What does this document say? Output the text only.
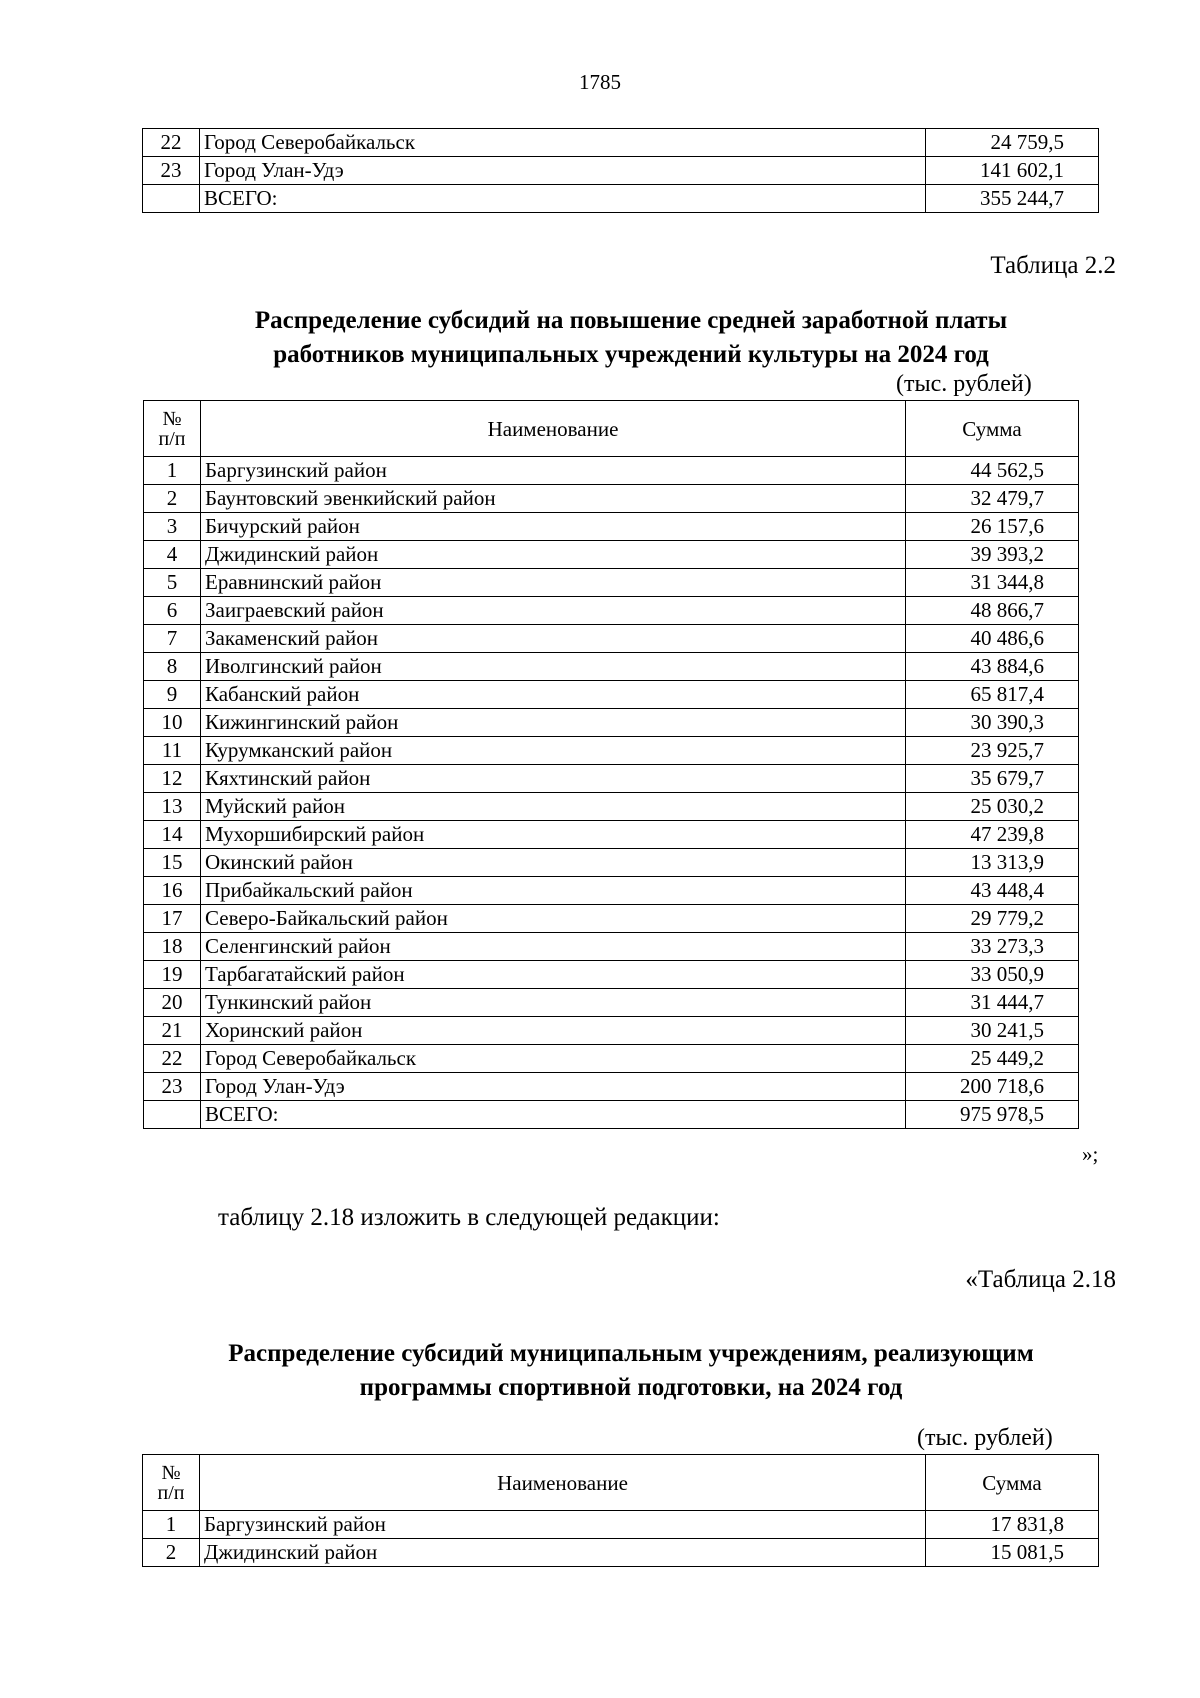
1785
22	Город Северобайкальск	24 759,5
23	Город Улан-Удэ	141 602,1
	ВСЕГО:	355 244,7
Таблица 2.2
Распределение субсидий на повышение средней заработной платы
работников муниципальных учреждений культуры на 2024 год
(тыс. рублей)
№
п/п	Наименование	Сумма
1	Баргузинский район	44 562,5
2	Баунтовский эвенкийский район	32 479,7
3	Бичурский район	26 157,6
4	Джидинский район	39 393,2
5	Еравнинский район	31 344,8
6	Заиграевский район	48 866,7
7	Закаменский район	40 486,6
8	Иволгинский район	43 884,6
9	Кабанский район	65 817,4
10	Кижингинский район	30 390,3
11	Курумканский район	23 925,7
12	Кяхтинский район	35 679,7
13	Муйский район	25 030,2
14	Мухоршибирский район	47 239,8
15	Окинский район	13 313,9
16	Прибайкальский район	43 448,4
17	Северо-Байкальский район	29 779,2
18	Селенгинский район	33 273,3
19	Тарбагатайский район	33 050,9
20	Тункинский район	31 444,7
21	Хоринский район	30 241,5
22	Город Северобайкальск	25 449,2
23	Город Улан-Удэ	200 718,6
	ВСЕГО:	975 978,5
»;
таблицу 2.18 изложить в следующей редакции:
«Таблица 2.18
Распределение субсидий муниципальным учреждениям, реализующим
программы спортивной подготовки, на 2024 год
(тыс. рублей)
№
п/п	Наименование	Сумма
1	Баргузинский район	17 831,8
2	Джидинский район	15 081,5
